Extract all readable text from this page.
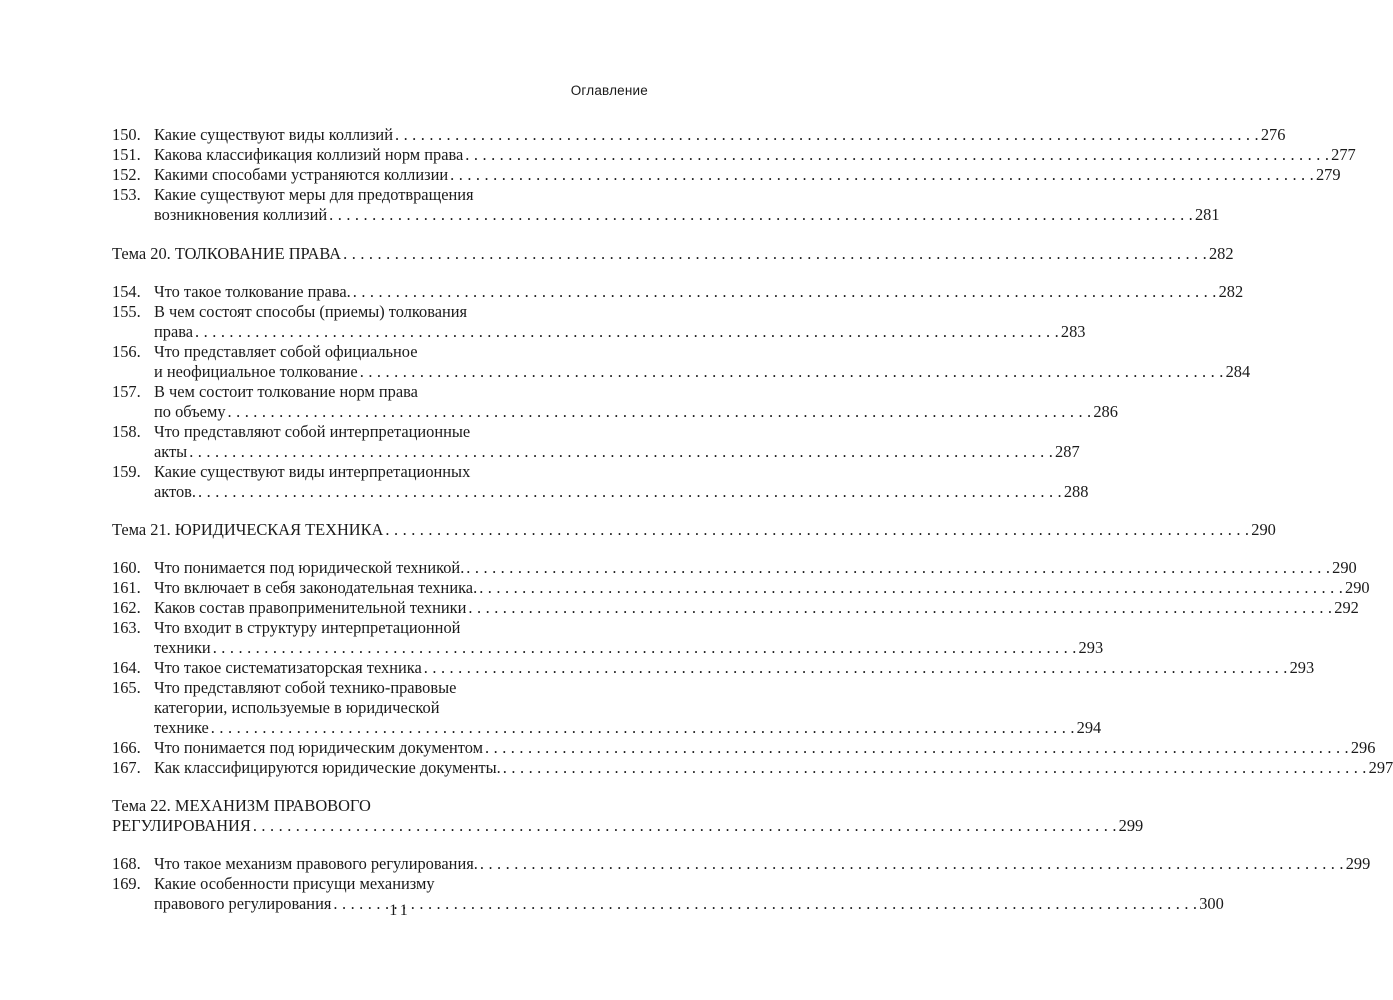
Оглавление
150. Какие существуют виды коллизий . . .	276
151. Какова классификация коллизий норм права . . .	277
152. Какими способами устраняются коллизии . . .	279
153. Какие существуют меры для предотвращения
возникновения коллизий . . .	281
Тема 20. ТОЛКОВАНИЕ ПРАВА . . .	282
154. Что такое толкование права. . . .	282
155. В чем состоят способы (приемы) толкования
права . . .	283
156. Что представляет собой официальное
и неофициальное толкование . . .	284
157. В чем состоит толкование норм права
по объему . . .	286
158. Что представляют собой интерпретационные
акты . . .	287
159. Какие существуют виды интерпретационных
актов. . . .	288
Тема 21. ЮРИДИЧЕСКАЯ ТЕХНИКА . . .	290
160. Что понимается под юридической техникой. . . .	290
161. Что включает в себя законодательная техника. . . .	290
162. Каков состав правоприменительной техники . . .	292
163. Что входит в структуру интерпретационной
техники . . .	293
164. Что такое систематизаторская техника . . .	293
165. Что представляют собой технико-правовые
категории, используемые в юридической
технике . . .	294
166. Что понимается под юридическим документом . . .	296
167. Как классифицируются юридические документы. . . .	297
Тема 22. МЕХАНИЗМ ПРАВОВОГО
РЕГУЛИРОВАНИЯ . . .	299
168. Что такое механизм правового регулирования. . . .	299
169. Какие особенности присущи механизму
правового регулирования . . .	300
11
